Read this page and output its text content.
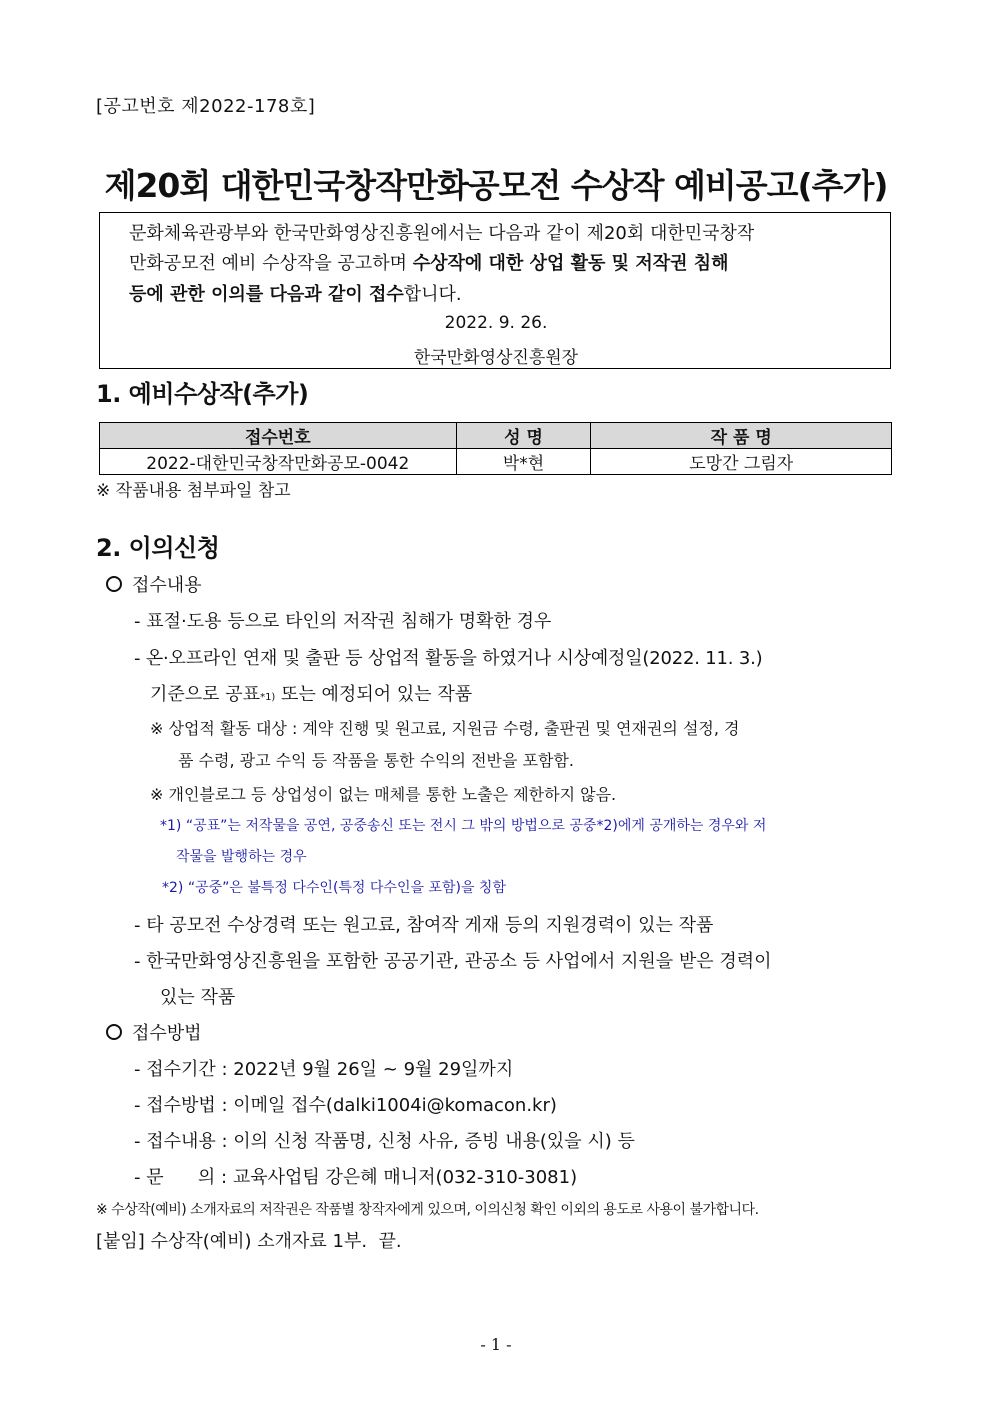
[공고번호 제2022-178호]
제20회 대한민국창작만화공모전 수상작 예비공고(추가)
문화체육관광부와 한국만화영상진흥원에서는 다음과 같이 제20회 대한민국창작
만화공모전 예비 수상작을 공고하며 수상작에 대한 상업 활동 및 저작권 침해
등에 관한 이의를 다음과 같이 접수합니다.
2022. 9. 26.
한국만화영상진흥원장
1. 예비수상작(추가)
접수번호	성 명	작 품 명
2022-대한민국창작만화공모-0042	박*현	도망간 그림자
※ 작품내용 첨부파일 참고
2. 이의신청
접수내용
- 표절·도용 등으로 타인의 저작권 침해가 명확한 경우
- 온·오프라인 연재 및 출판 등 상업적 활동을 하였거나 시상예정일(2022. 11. 3.)
기준으로 공표*1) 또는 예정되어 있는 작품
※ 상업적 활동 대상 : 계약 진행 및 원고료, 지원금 수령, 출판권 및 연재권의 설정, 경
품 수령, 광고 수익 등 작품을 통한 수익의 전반을 포함함.
※ 개인블로그 등 상업성이 없는 매체를 통한 노출은 제한하지 않음.
*1) “공표”는 저작물을 공연, 공중송신 또는 전시 그 밖의 방법으로 공중*2)에게 공개하는 경우와 저
작물을 발행하는 경우
*2) “공중”은 불특정 다수인(특정 다수인을 포함)을 칭함
- 타 공모전 수상경력 또는 원고료, 참여작 게재 등의 지원경력이 있는 작품
- 한국만화영상진흥원을 포함한 공공기관, 관공소 등 사업에서 지원을 받은 경력이
있는 작품
접수방법
- 접수기간 : 2022년 9월 26일 ~ 9월 29일까지
- 접수방법 : 이메일 접수(dalki1004i@komacon.kr)
- 접수내용 : 이의 신청 작품명, 신청 사유, 증빙 내용(있을 시) 등
- 문      의 : 교육사업팀 강은혜 매니저(032-310-3081)
※ 수상작(예비) 소개자료의 저작권은 작품별 창작자에게 있으며, 이의신청 확인 이외의 용도로 사용이 불가합니다.
[붙임] 수상작(예비) 소개자료 1부.  끝.
- 1 -
